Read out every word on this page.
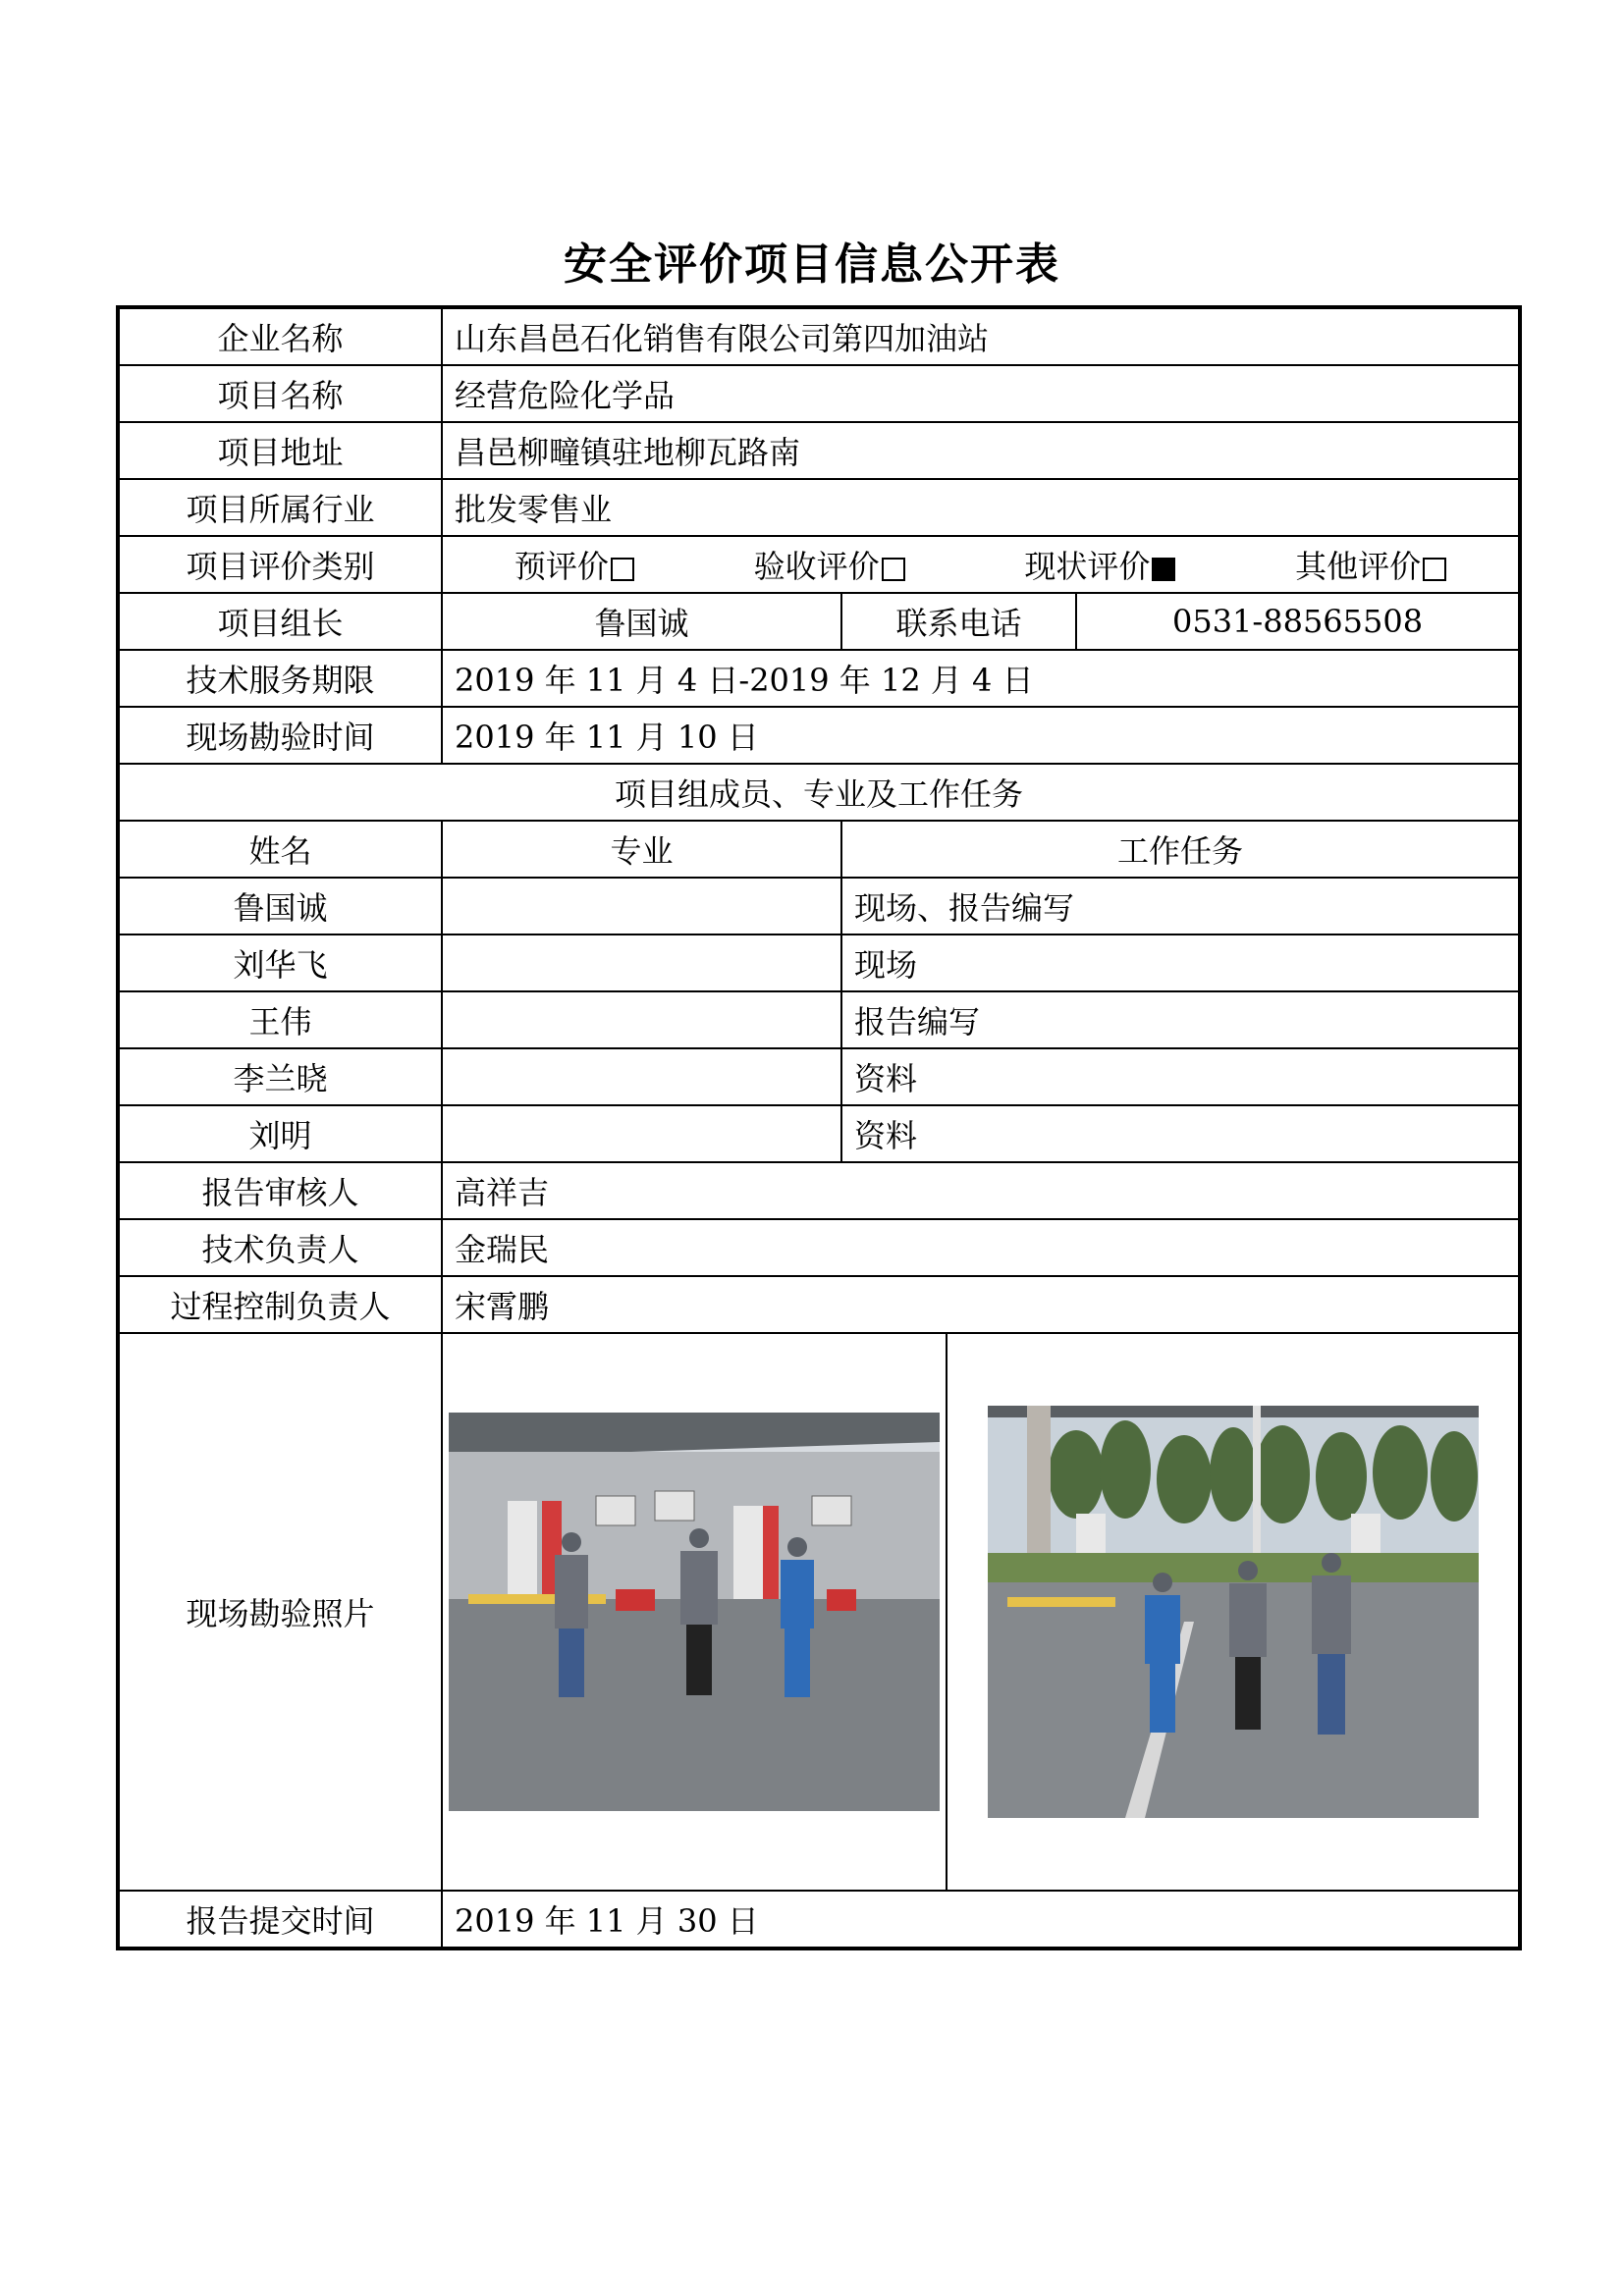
安全评价项目信息公开表
企业名称	山东昌邑石化销售有限公司第四加油站			
项目名称	经营危险化学品			
项目地址	昌邑柳疃镇驻地柳瓦路南			
项目所属行业	批发零售业			
项目评价类别	预评价 验收评价 现状评价 其他评价			

项目组长	鲁国诚	联系电话		0531-88565508
技术服务期限	2019 年 11 月 4 日-2019 年 12 月 4 日			
现场勘验时间	2019 年 11 月 10 日			
项目组成员、专业及工作任务				
姓名	专业	工作任务		
鲁国诚		现场、报告编写		
刘华飞		现场		
王伟		报告编写		
李兰晓		资料		
刘明		资料		
报告审核人	高祥吉			
技术负责人	金瑞民			
过程控制负责人	宋霄鹏			
现场勘验照片	

报告提交时间	2019 年 11 月 30 日			
